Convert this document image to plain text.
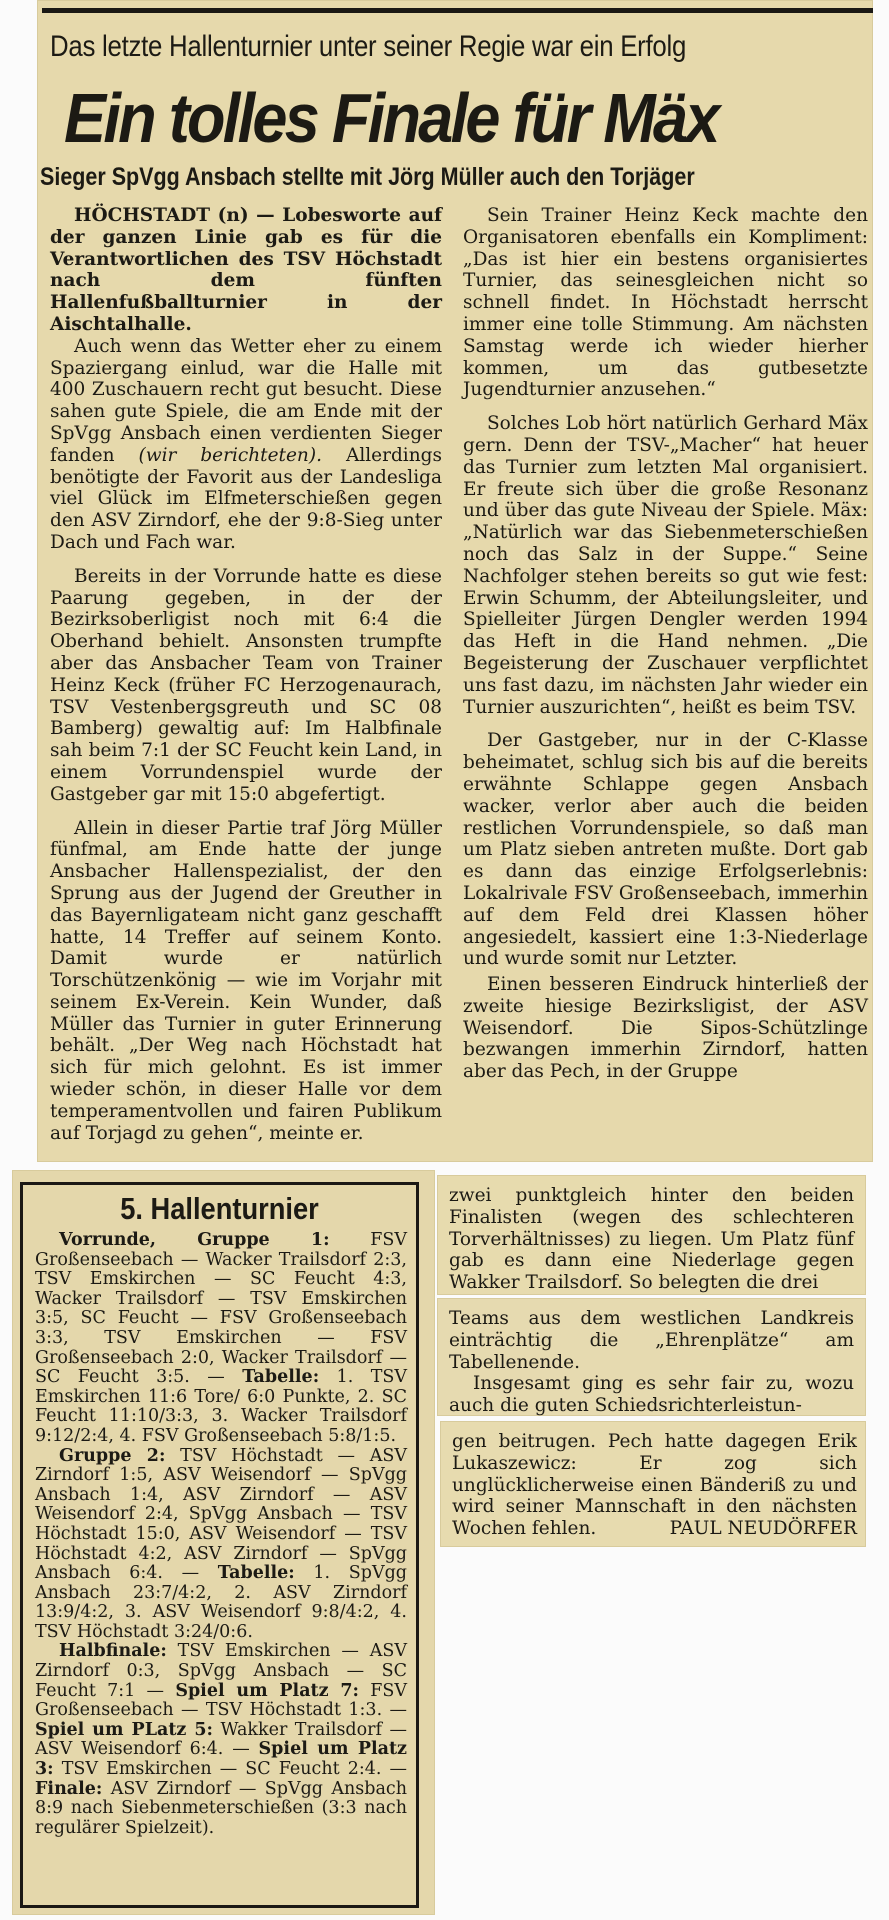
Das letzte Hallenturnier unter seiner Regie war ein Erfolg
Ein tolles Finale für Mäx
Sieger SpVgg Ansbach stellte mit Jörg Müller auch den Torjäger

HÖCHSTADT (n) — Lobesworte auf der ganzen Linie gab es für die Verantwortlichen des TSV Höchstadt nach dem fünften Hallenfußballturnier in der Aischtalhalle.

Auch wenn das Wetter eher zu einem Spaziergang einlud, war die Halle mit 400 Zuschauern recht gut besucht. Diese sahen gute Spiele, die am Ende mit der SpVgg Ansbach einen verdienten Sieger fanden (wir berichteten). Allerdings benötigte der Favorit aus der Landesliga viel Glück im Elfmeterschießen gegen den ASV Zirndorf, ehe der 9:8-Sieg unter Dach und Fach war.

Bereits in der Vorrunde hatte es diese Paarung gegeben, in der der Bezirksoberligist noch mit 6:4 die Oberhand behielt. Ansonsten trumpfte aber das Ansbacher Team von Trainer Heinz Keck (früher FC Herzogenaurach, TSV Vestenbergsgreuth und SC 08 Bamberg) gewaltig auf: Im Halbfinale sah beim 7:1 der SC Feucht kein Land, in einem Vorrundenspiel wurde der Gastgeber gar mit 15:0 abgefertigt.

Allein in dieser Partie traf Jörg Müller fünfmal, am Ende hatte der junge Ansbacher Hallenspezialist, der den Sprung aus der Jugend der Greuther in das Bayernligateam nicht ganz geschafft hatte, 14 Treffer auf seinem Konto. Damit wurde er natürlich Torschützenkönig — wie im Vorjahr mit seinem Ex-Verein. Kein Wunder, daß Müller das Turnier in guter Erinnerung behält. „Der Weg nach Höchstadt hat sich für mich gelohnt. Es ist immer wieder schön, in dieser Halle vor dem temperamentvollen und fairen Publikum auf Torjagd zu gehen“, meinte er.

Sein Trainer Heinz Keck machte den Organisatoren ebenfalls ein Kompliment: „Das ist hier ein bestens organisiertes Turnier, das seinesgleichen nicht so schnell findet. In Höchstadt herrscht immer eine tolle Stimmung. Am nächsten Samstag werde ich wieder hierher kommen, um das gutbesetzte Jugendturnier anzusehen.“

Solches Lob hört natürlich Gerhard Mäx gern. Denn der TSV-„Macher“ hat heuer das Turnier zum letzten Mal organisiert. Er freute sich über die große Resonanz und über das gute Niveau der Spiele. Mäx: „Natürlich war das Siebenmeterschießen noch das Salz in der Suppe.“ Seine Nachfolger stehen bereits so gut wie fest: Erwin Schumm, der Abteilungsleiter, und Spielleiter Jürgen Dengler werden 1994 das Heft in die Hand nehmen. „Die Begeisterung der Zuschauer verpflichtet uns fast dazu, im nächsten Jahr wieder ein Turnier auszurichten“, heißt es beim TSV.

Der Gastgeber, nur in der C-Klasse beheimatet, schlug sich bis auf die bereits erwähnte Schlappe gegen Ansbach wacker, verlor aber auch die beiden restlichen Vorrundenspiele, so daß man um Platz sieben antreten mußte. Dort gab es dann das einzige Erfolgserlebnis: Lokalrivale FSV Großenseebach, immerhin auf dem Feld drei Klassen höher angesiedelt, kassiert eine 1:3-Niederlage und wurde somit nur Letzter.

Einen besseren Eindruck hinterließ der zweite hiesige Bezirksligist, der ASV Weisendorf. Die Sipos-Schützlinge bezwangen immerhin Zirndorf, hatten aber das Pech, in der Gruppe

5. Hallenturnier
Vorrunde, Gruppe 1: FSV Großenseebach — Wacker Trailsdorf 2:3, TSV Emskirchen — SC Feucht 4:3, Wacker Trailsdorf — TSV Emskirchen 3:5, SC Feucht — FSV Großenseebach 3:3, TSV Emskirchen — FSV Großenseebach 2:0, Wacker Trailsdorf — SC Feucht 3:5. — Tabelle: 1. TSV Emskirchen 11:6 Tore/ 6:0 Punkte, 2. SC Feucht 11:10/3:3, 3. Wacker Trailsdorf 9:12/2:4, 4. FSV Großenseebach 5:8/1:5.
Gruppe 2: TSV Höchstadt — ASV Zirndorf 1:5, ASV Weisendorf — SpVgg Ansbach 1:4, ASV Zirndorf — ASV Weisendorf 2:4, SpVgg Ansbach — TSV Höchstadt 15:0, ASV Weisendorf — TSV Höchstadt 4:2, ASV Zirndorf — SpVgg Ansbach 6:4. — Tabelle: 1. SpVgg Ansbach 23:7/4:2, 2. ASV Zirndorf 13:9/4:2, 3. ASV Weisendorf 9:8/4:2, 4. TSV Höchstadt 3:24/0:6.
Halbfinale: TSV Emskirchen — ASV Zirndorf 0:3, SpVgg Ansbach — SC Feucht 7:1 — Spiel um Platz 7: FSV Großenseebach — TSV Höchstadt 1:3. — Spiel um PLatz 5: Wakker Trailsdorf — ASV Weisendorf 6:4. — Spiel um Platz 3: TSV Emskirchen — SC Feucht 2:4. — Finale: ASV Zirndorf — SpVgg Ansbach 8:9 nach Siebenmeterschießen (3:3 nach regulärer Spielzeit).
zwei punktgleich hinter den beiden Finalisten (wegen des schlechteren Torverhältnisses) zu liegen. Um Platz fünf gab es dann eine Niederlage gegen Wakker Trailsdorf. So belegten die drei

Teams aus dem westlichen Landkreis einträchtig die „Ehrenplätze“ am Tabellenende.

Insgesamt ging es sehr fair zu, wozu auch die guten Schiedsrichterleistun-

gen beitrugen. Pech hatte dagegen Erik Lukaszewicz: Er zog sich unglücklicherweise einen Bänderiß zu und wird seiner Mannschaft in den nächsten Wochen fehlen.	PAUL NEUDÖRFER
